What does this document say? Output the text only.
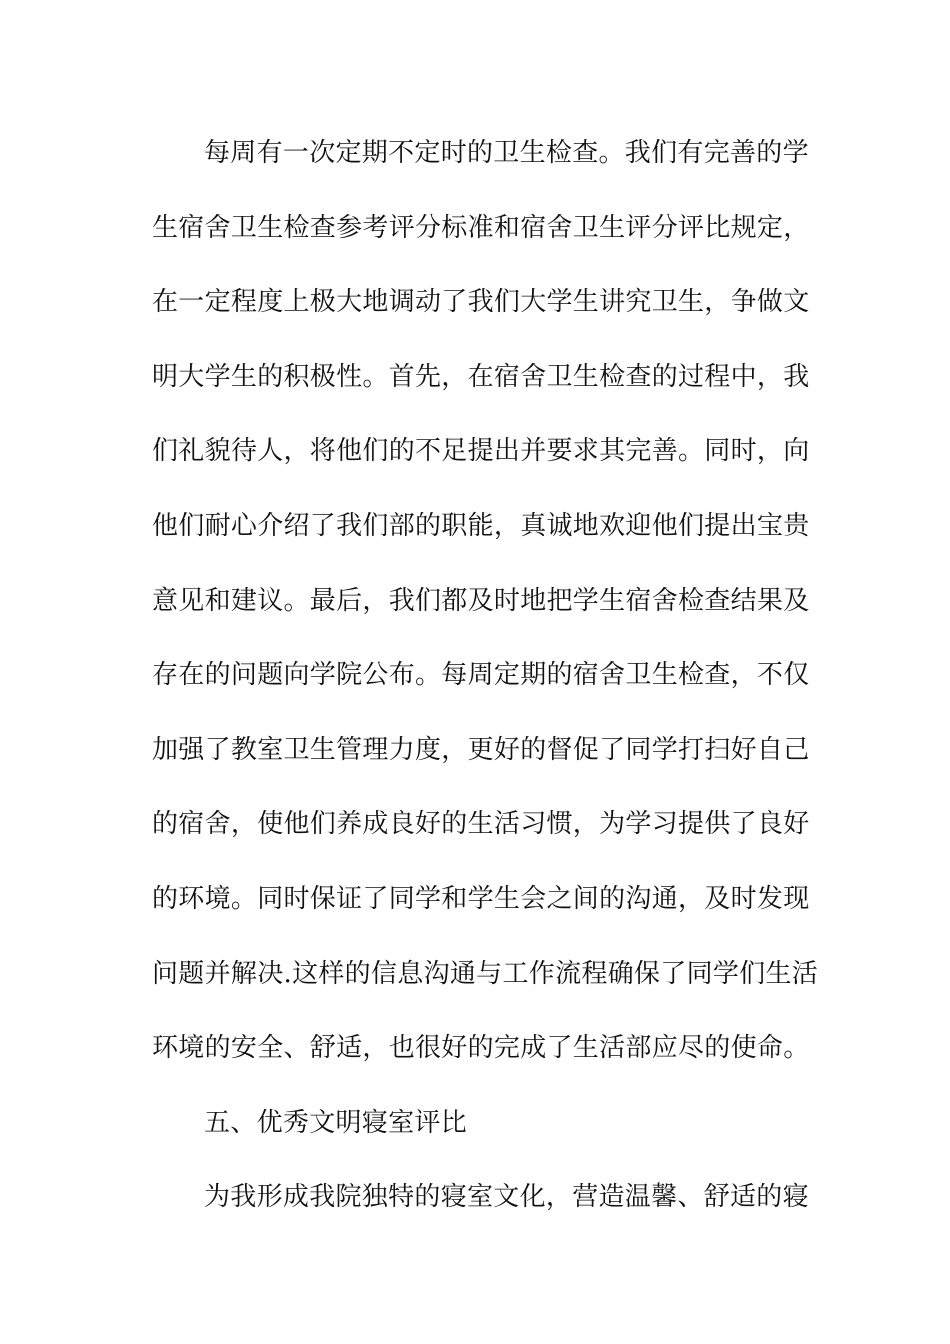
每周有一次定期不定时的卫生检查。我们有完善的学
生宿舍卫生检查参考评分标准和宿舍卫生评分评比规定，
在一定程度上极大地调动了我们大学生讲究卫生，争做文
明大学生的积极性。首先，在宿舍卫生检查的过程中，我
们礼貌待人，将他们的不足提出并要求其完善。同时，向
他们耐心介绍了我们部的职能，真诚地欢迎他们提出宝贵
意见和建议。最后，我们都及时地把学生宿舍检查结果及
存在的问题向学院公布。每周定期的宿舍卫生检查，不仅
加强了教室卫生管理力度，更好的督促了同学打扫好自己
的宿舍，使他们养成良好的生活习惯，为学习提供了良好
的环境。同时保证了同学和学生会之间的沟通，及时发现
问题并解决.这样的信息沟通与工作流程确保了同学们生活
环境的安全、舒适，也很好的完成了生活部应尽的使命。
五、优秀文明寝室评比
为我形成我院独特的寝室文化，营造温馨、舒适的寝
